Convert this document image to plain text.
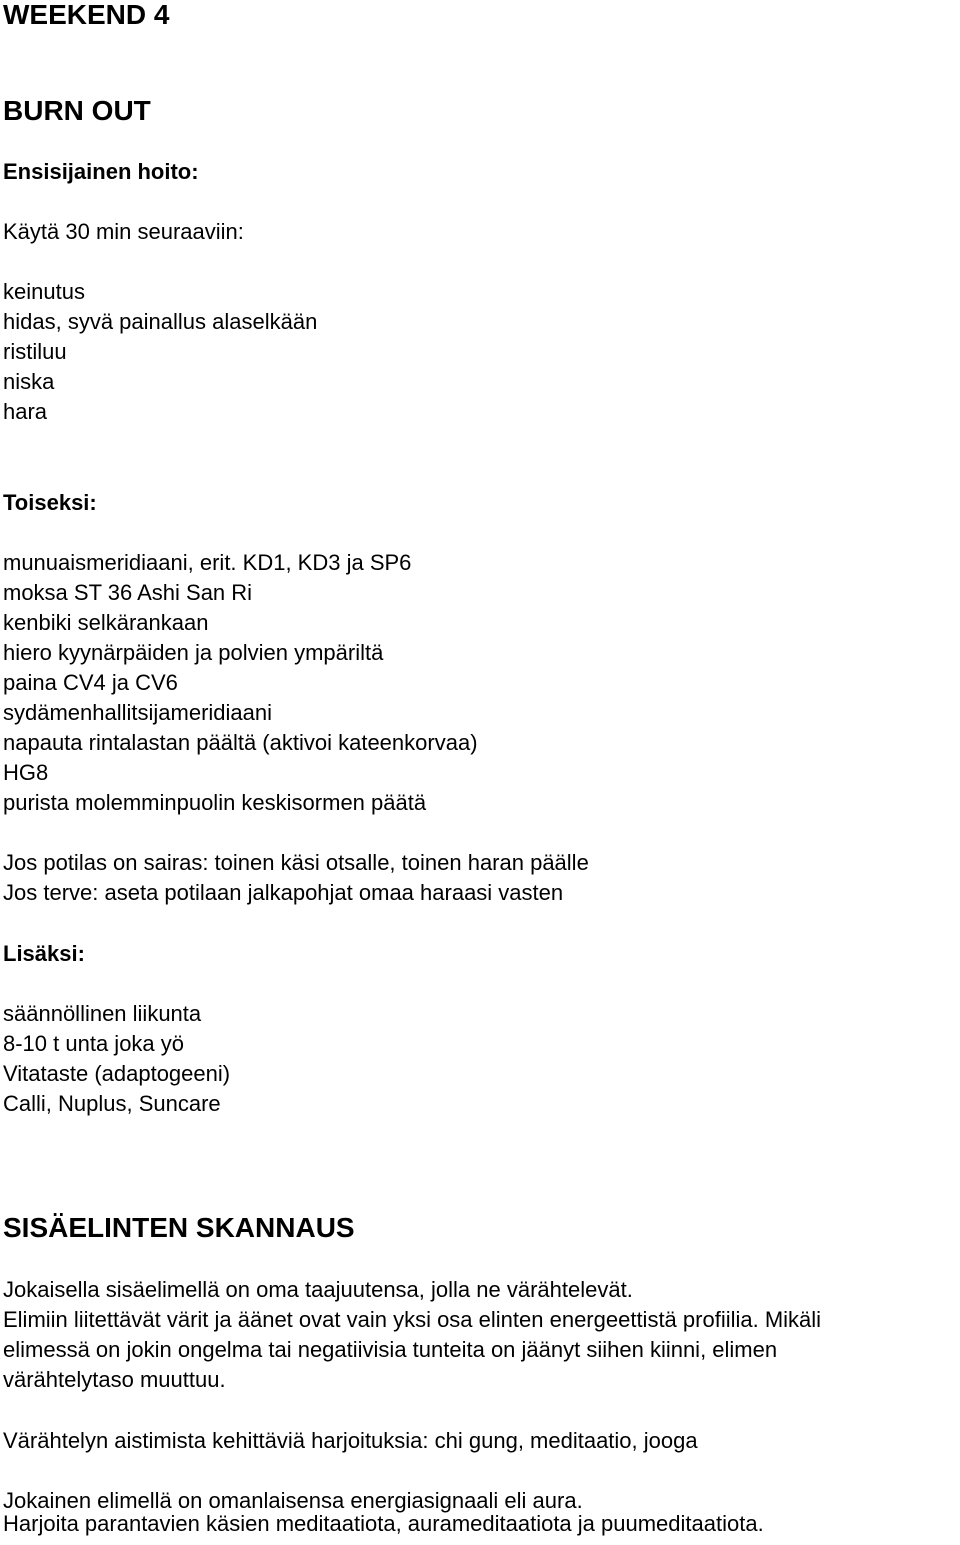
WEEKEND 4
BURN OUT
Ensisijainen hoito:
Käytä 30 min seuraaviin:
keinutus
hidas, syvä painallus alaselkään
ristiluu
niska
hara
Toiseksi:
munuaismeridiaani, erit. KD1, KD3 ja SP6
moksa ST 36 Ashi San Ri
kenbiki selkärankaan
hiero kyynärpäiden ja polvien ympäriltä
paina CV4 ja CV6
sydämenhallitsijameridiaani
napauta rintalastan päältä (aktivoi kateenkorvaa)
HG8
purista molemminpuolin keskisormen päätä
Jos potilas on sairas: toinen käsi otsalle, toinen haran päälle
Jos terve: aseta potilaan jalkapohjat omaa haraasi vasten
Lisäksi:
säännöllinen liikunta
8-10 t unta joka yö
Vitataste (adaptogeeni)
Calli, Nuplus, Suncare
SISÄELINTEN SKANNAUS
Jokaisella sisäelimellä on oma taajuutensa, jolla ne värähtelevät.
Elimiin liitettävät värit ja äänet ovat vain yksi osa elinten energeettistä profiilia. Mikäli
elimessä on jokin ongelma tai negatiivisia tunteita on jäänyt siihen kiinni, elimen
värähtelytaso muuttuu.
Värähtelyn aistimista kehittäviä harjoituksia: chi gung, meditaatio, jooga
Jokainen elimellä on omanlaisensa energiasignaali eli aura.
Harjoita parantavien käsien meditaatiota, aurameditaatiota ja puumeditaatiota.
